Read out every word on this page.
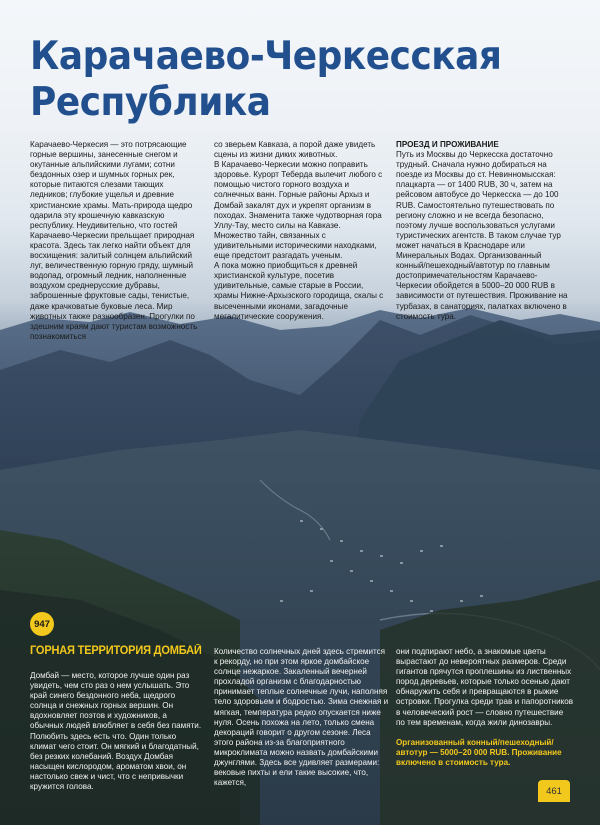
Карачаево-Черкесская
Республика

Карачаево-Черкесия — это потрясающие горные вершины, занесенные снегом и окутанные альпийскими лугами; сотни бездонных озер и шумных горных рек, которые питаются слезами тающих ледников; глубокие ущелья и древние христианские храмы. Мать-природа щедро одарила эту крошечную кавказскую республику. Неудивительно, что гостей Карачаево-Черкесии прельщает природная красота. Здесь так легко найти объект для восхищения: залитый солнцем альпийский луг, величественную горную гряду, шумный водопад, огромный ледник, наполненные воздухом среднерусские дубравы, заброшенные фруктовые сады, тенистые, даже крачковатые буковые леса. Мир животных также разнообразен. Прогулки по здешним краям дают туристам возможность познакомиться

со зверьем Кавказа, а порой даже увидеть сцены из жизни диких животных.

В Карачаево-Черкесии можно поправить здоровье. Курорт Теберда вылечит любого с помощью чистого горного воздуха и солнечных ванн. Горные районы Архыз и Домбай закалят дух и укрепят организм в походах. Знаменита также чудотворная гора Уллу-Тау, место силы на Кавказе.

Множество тайн, связанных с удивительными историческими находками, еще предстоит разгадать ученым.

А пока можно приобщиться к древней христианской культуре, посетив удивительные, самые старые в России, храмы Нижне-Архызского городища, скалы с высеченными иконами, загадочные мегалитические сооружения.

ПРОЕЗД И ПРОЖИВАНИЕ

Путь из Москвы до Черкесска достаточно трудный. Сначала нужно добираться на поезде из Москвы до ст. Невинномысская: плацкарта — от 1400 RUB, 30 ч, затем на рейсовом автобусе до Черкесска — до 100 RUB. Самостоятельно путешествовать по региону сложно и не всегда безопасно, поэтому лучше воспользоваться услугами туристических агентств. В таком случае тур может начаться в Краснодаре или Минеральных Водах. Организованный конный/пешеходный/автотур по главным достопримечательностям Карачаево-Черкесии обойдется в 5000–20 000 RUB в зависимости от путешествия. Проживание на турбазах, в санаториях, палатках включено в стоимость тура.

947
ГОРНАЯ ТЕРРИТОРИЯ ДОМБАЙ

Домбай — место, которое лучше один раз увидеть, чем сто раз о нем услышать. Это край синего бездонного неба, щедрого солнца и снежных горных вершин. Он вдохновляет поэтов и художников, а обычных людей влюбляет в себя без памяти. Полюбить здесь есть что. Один только климат чего стоит. Он мягкий и благодатный, без резких колебаний. Воздух Домбая насыщен кислородом, ароматом хвои, он настолько свеж и чист, что с непривычки кружится голова.

Количество солнечных дней здесь стремится к рекорду, но при этом яркое домбайское солнце нежаркое. Закаленный вечерней прохладой организм с благодарностью принимает теплые солнечные лучи, наполняя тело здоровьем и бодростью. Зима снежная и мягкая, температура редко опускается ниже нуля. Осень похожа на лето, только смена декораций говорит о другом сезоне. Леса этого района из-за благоприятного микроклимата можно назвать домбайскими джунглями. Здесь все удивляет размерами: вековые пихты и ели такие высокие, что, кажется,

они подпирают небо, а знакомые цветы вырастают до невероятных размеров. Среди гигантов прячутся проплешины из лиственных пород деревьев, которые только осенью дают обнаружить себя и превращаются в рыжие островки. Прогулка среди трав и папоротников в человеческий рост — словно путешествие по тем временам, когда жили динозавры.

Организованный конный/пешеходный/автотур — 5000–20 000 RUB. Проживание включено в стоимость тура.

461
